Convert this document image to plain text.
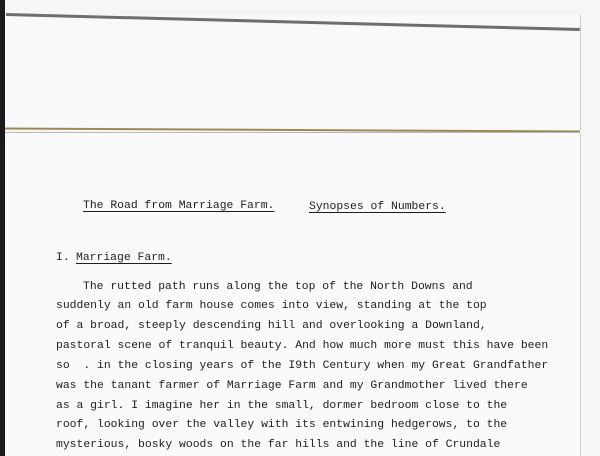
The Road from Marriage Farm.	Synopses of Numbers.
I. Marriage Farm.
The rutted path runs along the top of the North Downs and
suddenly an old farm house comes into view, standing at the top
of a broad, steeply descending hill and overlooking a Downland,
pastoral scene of tranquil beauty. And how much more must this have been
so  . in the closing years of the I9th Century when my Great Grandfather
was the tanant farmer of Marriage Farm and my Grandmother lived there
as a girl. I imagine her in the small, dormer bedroom close to the
roof, looking over the valley with its entwining hedgerows, to the
mysterious, bosky woods on the far hills and the line of Crundale
